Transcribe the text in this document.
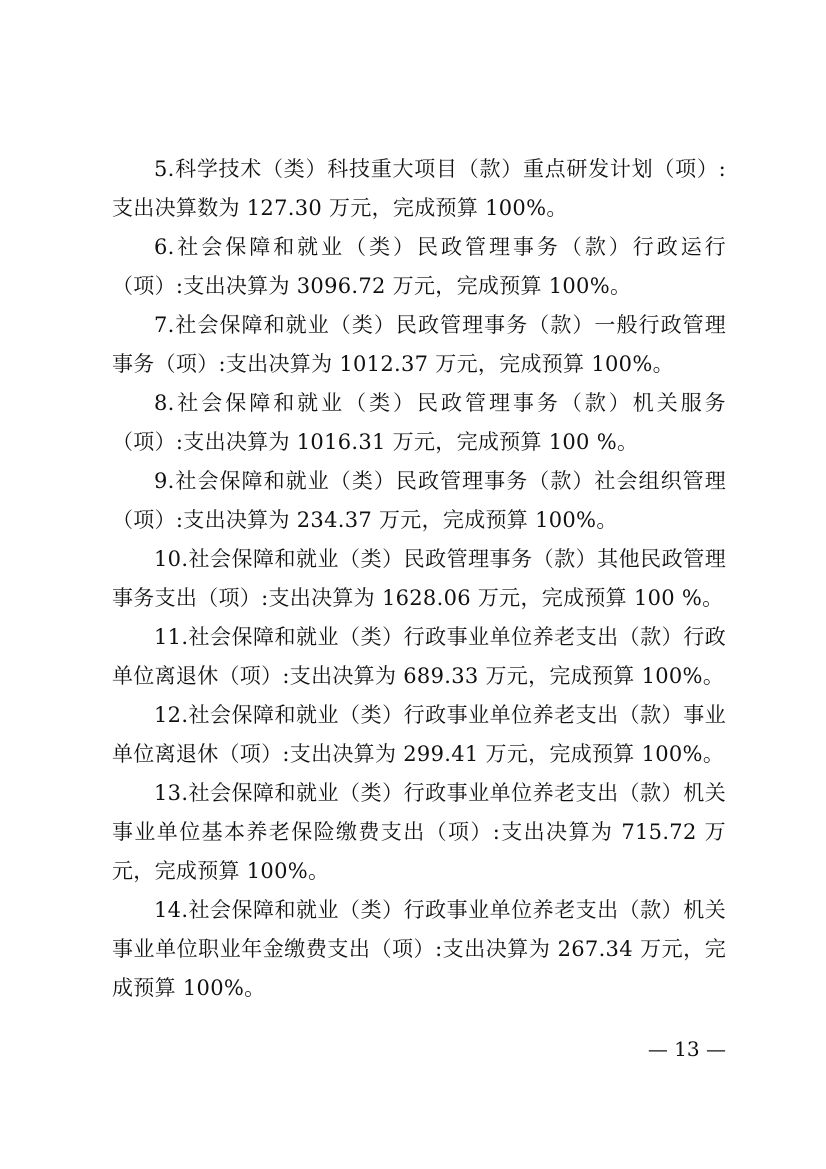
5.科学技术（类）科技重大项目（款）重点研发计划（项）:支出决算数为 127.30 万元，完成预算 100%。

6.社会保障和就业（类）民政管理事务（款）行政运行（项）:支出决算为 3096.72 万元，完成预算 100%。

7.社会保障和就业（类）民政管理事务（款）一般行政管理事务（项）:支出决算为 1012.37 万元，完成预算 100%。

8.社会保障和就业（类）民政管理事务（款）机关服务（项）:支出决算为 1016.31 万元，完成预算 100 %。

9.社会保障和就业（类）民政管理事务（款）社会组织管理（项）:支出决算为 234.37 万元，完成预算 100%。

10.社会保障和就业（类）民政管理事务（款）其他民政管理事务支出（项）:支出决算为 1628.06 万元，完成预算 100 %。

11.社会保障和就业（类）行政事业单位养老支出（款）行政单位离退休（项）:支出决算为 689.33 万元，完成预算 100%。

12.社会保障和就业（类）行政事业单位养老支出（款）事业单位离退休（项）:支出决算为 299.41 万元，完成预算 100%。

13.社会保障和就业（类）行政事业单位养老支出（款）机关事业单位基本养老保险缴费支出（项）:支出决算为 715.72 万元，完成预算 100%。

14.社会保障和就业（类）行政事业单位养老支出（款）机关事业单位职业年金缴费支出（项）:支出决算为 267.34 万元，完成预算 100%。

— 13 —
